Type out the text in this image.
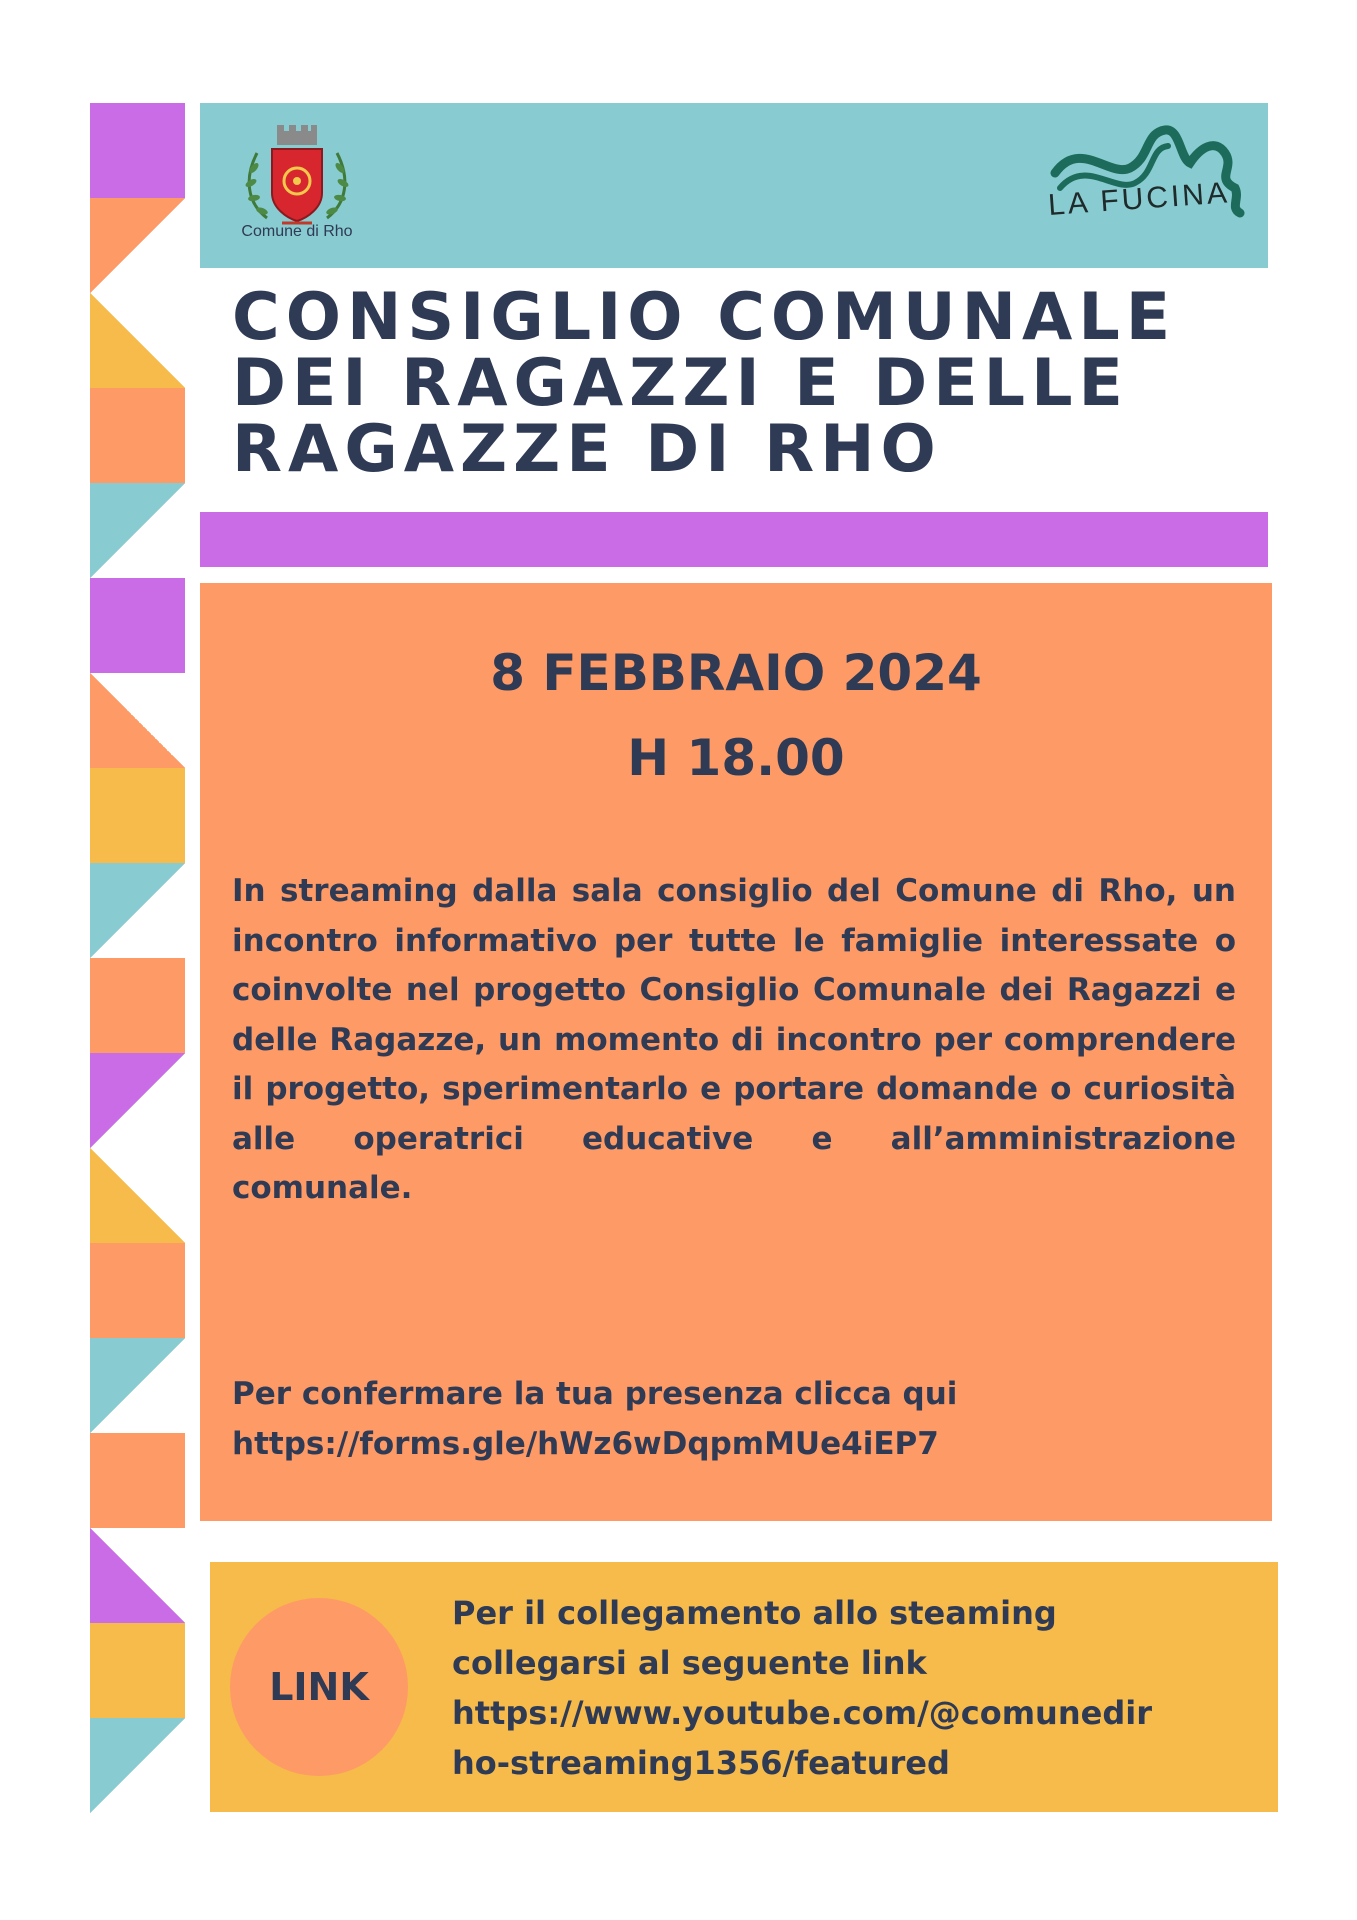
Comune di Rho
LA FUCINA
CONSIGLIO COMUNALE
DEI RAGAZZI E DELLE
RAGAZZE DI RHO
8 FEBBRAIO 2024
H 18.00
In streaming dalla sala consiglio del Comune di Rho, un incontro informativo per tutte le famiglie interessate o coinvolte nel progetto Consiglio Comunale dei Ragazzi e delle Ragazze, un momento di incontro per comprendere il progetto, sperimentarlo e portare domande o curiosità alle operatrici educative e all’amministrazione comunale.
Per confermare la tua presenza clicca qui
https://forms.gle/hWz6wDqpmMUe4iEP7
LINK
Per il collegamento allo steaming
collegarsi al seguente link
https://www.youtube.com/@comunedir
ho-streaming1356/featured
